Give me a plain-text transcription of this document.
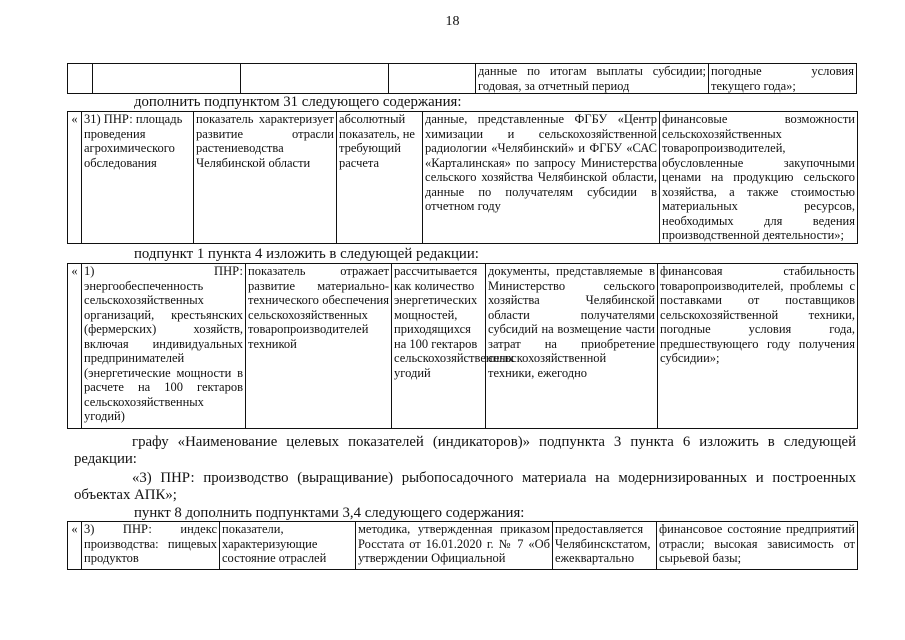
18
				данные по итогам выплаты субсидии; годовая, за отчетный период	погодные условия текущего года»;
дополнить подпунктом 31 следующего содержания:
«	31) ПНР: площадь проведения агрохимического обследования	показатель характеризует развитие отрасли растениеводства Челябинской области	абсолютный показатель, не требующий расчета	данные, представленные ФГБУ «Центр химизации и сельскохозяйственной радиологии «Челябинский» и ФГБУ «САС «Карталинская» по запросу Министерства сельского хозяйства Челябинской области, данные по получателям субсидии в отчетном году	финансовые возможности сельскохозяйственных товаропроизводителей, обусловленные закупочными ценами на продукцию сельского хозяйства, а также стоимостью материальных ресурсов, необходимых для ведения производственной деятельности»;
подпункт 1 пункта 4 изложить в следующей редакции:
«	1) ПНР: энергообеспеченность сельскохозяйственных организаций, крестьянских (фермерских) хозяйств, включая индивидуальных предпринимателей (энергетические мощности в расчете на 100 гектаров сельскохозяйственных угодий)	показатель отражает развитие материально-технического обеспечения сельскохозяйственных товаропроизводителей техникой	рассчитывается как количество энергетических мощностей, приходящихся на 100 гектаров сельскохозяйственных угодий	документы, представляемые в Министерство сельского хозяйства Челябинской области получателями субсидий на возмещение части затрат на приобретение сельскохозяйственной техники, ежегодно	финансовая стабильность товаропроизводителей, проблемы с поставками от поставщиков сельскохозяйственной техники, погодные условия года, предшествующего году получения субсидии»;
графу «Наименование целевых показателей (индикаторов)» подпункта 3 пункта 6 изложить в следующей редакции:
«3) ПНР: производство (выращивание) рыбопосадочного материала на модернизированных и построенных объектах АПК»;
пункт 8 дополнить подпунктами 3,4 следующего содержания:
«	3) ПНР: индекс производства: пищевых продуктов	показатели, характеризующие состояние отраслей	методика, утвержденная приказом Росстата от 16.01.2020 г. № 7 «Об утверждении Официальной	предоставляется Челябинскстатом, ежеквартально	финансовое состояние предприятий отрасли; высокая зависимость от сырьевой базы;
